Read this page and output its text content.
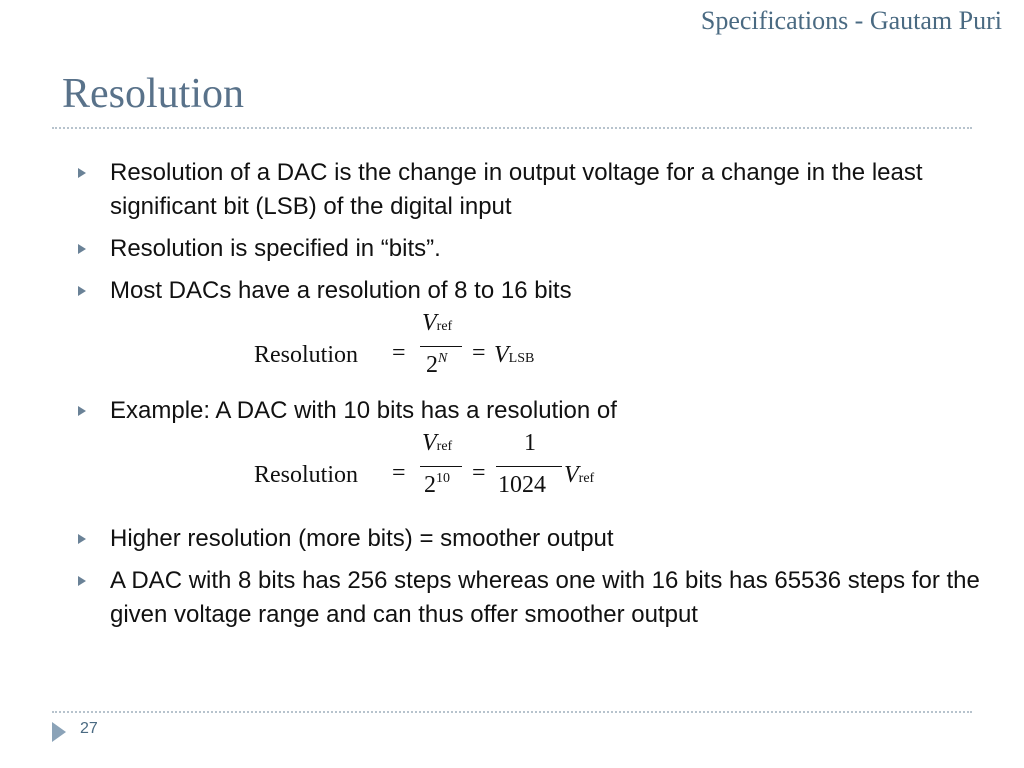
Specifications - Gautam Puri
Resolution
Resolution of a DAC is the change in output voltage for a change in the least significant bit (LSB) of the digital input
Resolution is specified in “bits”.
Most DACs have a resolution of 8 to 16 bits
Resolution =
Vref
$2^N$ = VLSB
Example: A DAC with 10 bits has a resolution of
Resolution =
Vref
$2^{10}$ =
1
1024 Vref
Higher resolution (more bits) = smoother output
A DAC with 8 bits has 256 steps whereas one with 16 bits has 65536 steps for the given voltage range and can thus offer smoother output
27
